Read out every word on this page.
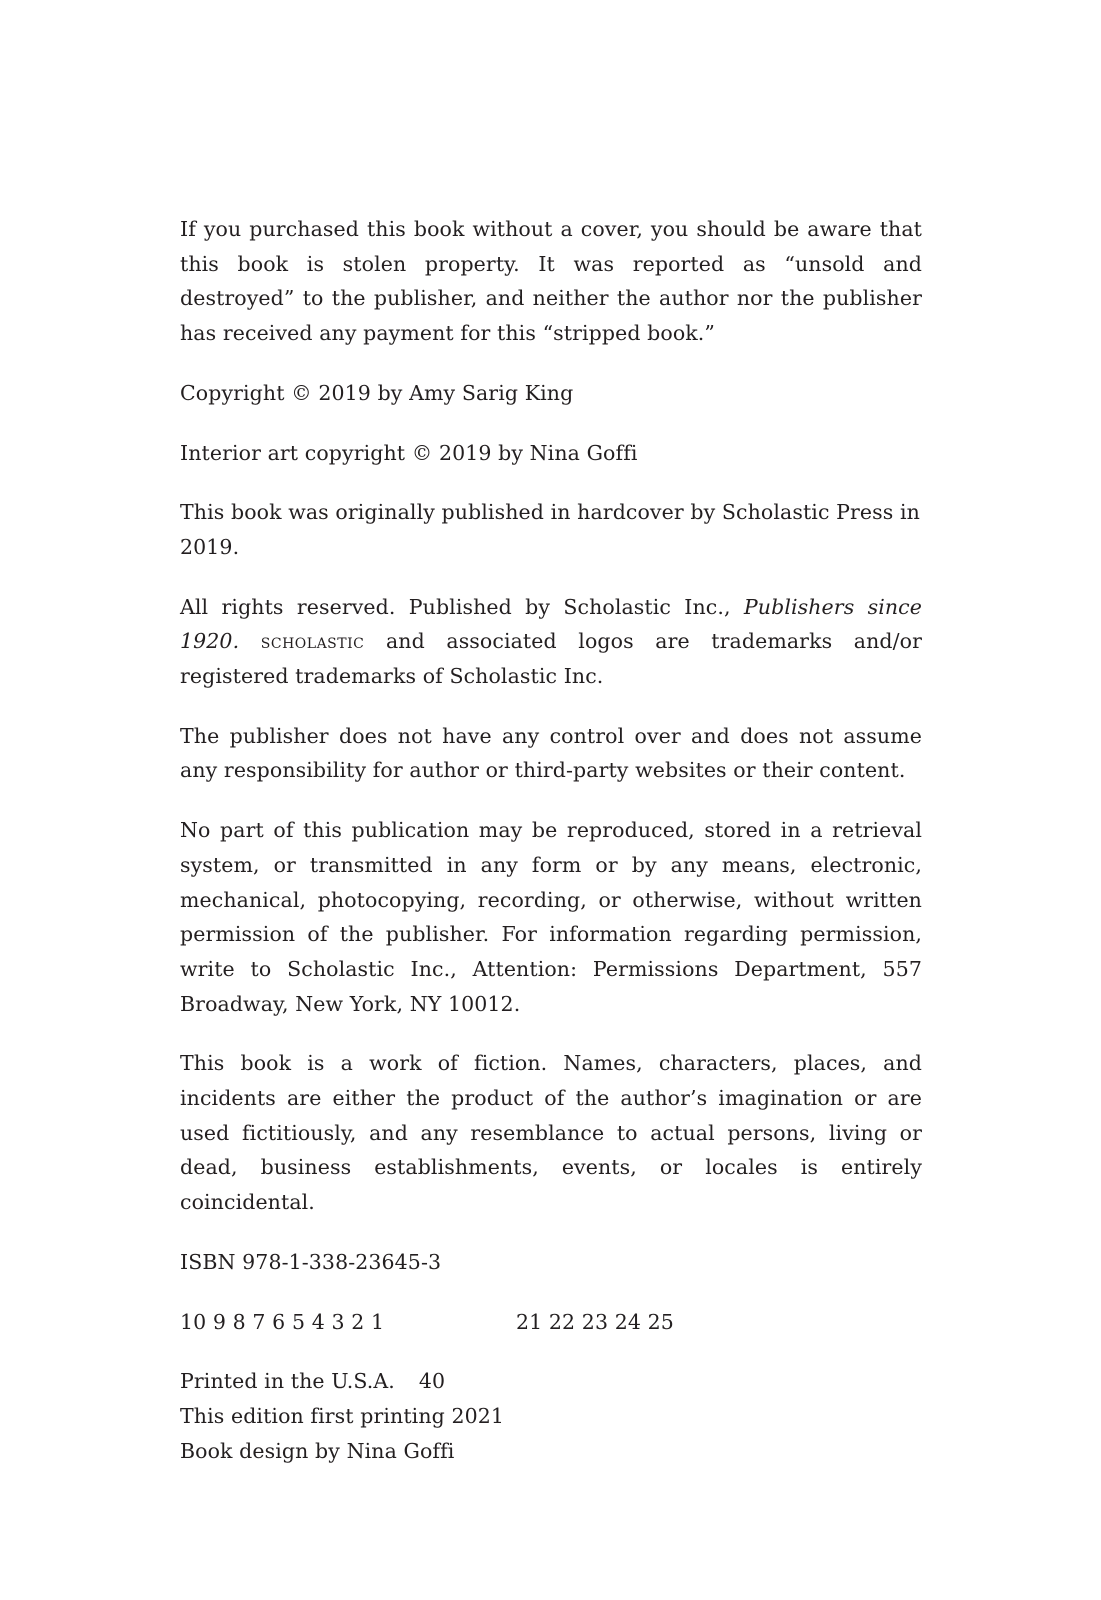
If you purchased this book without a cover, you should be aware that this book is stolen property. It was reported as “unsold and destroyed” to the publisher, and neither the author nor the publisher has received any payment for this “stripped book.”

Copyright © 2019 by Amy Sarig King

Interior art copyright © 2019 by Nina Goffi

This book was originally published in hardcover by Scholastic Press in 2019.

All rights reserved. Published by Scholastic Inc., Publishers since 1920. scholastic and associated logos are trademarks and/or registered trademarks of Scholastic Inc.

The publisher does not have any control over and does not assume any responsibility for author or third-party websites or their content.

No part of this publication may be reproduced, stored in a retrieval system, or transmitted in any form or by any means, electronic, mechanical, photocopying, recording, or otherwise, without written permission of the publisher. For information regarding permission, write to Scholastic Inc., Attention: Permissions Department, 557 Broadway, New York, NY 10012.

This book is a work of fiction. Names, characters, places, and incidents are either the product of the author’s imagination or are used fictitiously, and any resemblance to actual persons, living or dead, business establishments, events, or locales is entirely coincidental.

ISBN 978-1-338-23645-3

10 9 8 7 6 5 4 3 2 1	21 22 23 24 25

Printed in the U.S.A. 40

This edition first printing 2021

Book design by Nina Goffi
